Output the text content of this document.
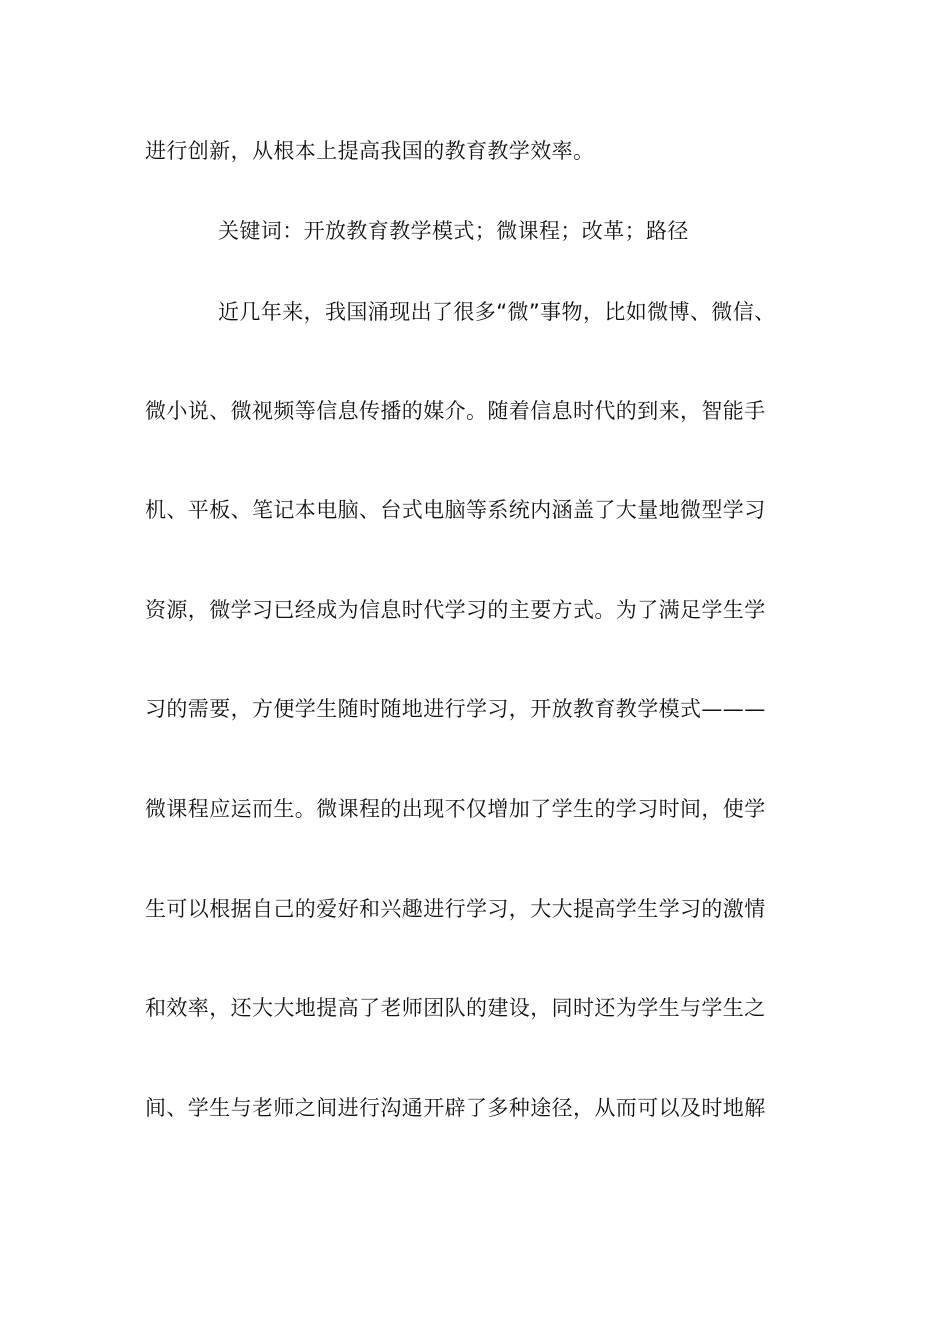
进行创新，从根本上提高我国的教育教学效率。
关键词：开放教育教学模式；微课程；改革；路径
近几年来，我国涌现出了很多“微”事物，比如微博、微信、
微小说、微视频等信息传播的媒介。随着信息时代的到来，智能手
机、平板、笔记本电脑、台式电脑等系统内涵盖了大量地微型学习
资源，微学习已经成为信息时代学习的主要方式。为了满足学生学
习的需要，方便学生随时随地进行学习，开放教育教学模式———
微课程应运而生。微课程的出现不仅增加了学生的学习时间，使学
生可以根据自己的爱好和兴趣进行学习，大大提高学生学习的激情
和效率，还大大地提高了老师团队的建设，同时还为学生与学生之
间、学生与老师之间进行沟通开辟了多种途径，从而可以及时地解
